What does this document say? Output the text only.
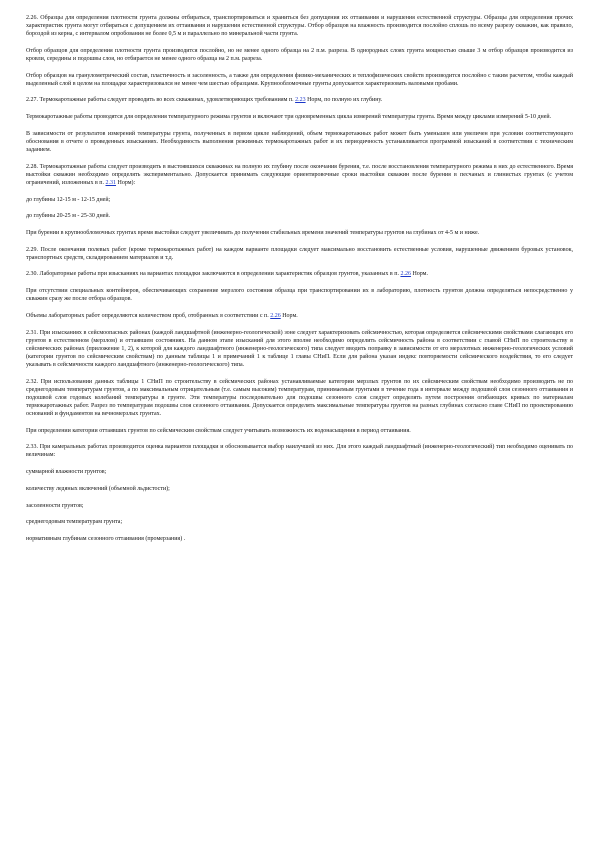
2.26. Образцы для определения плотности грунта должны отбираться, транспортироваться и храниться без допущения их оттаивания и нарушения естественной структуры. Образцы для определения прочих характеристик грунта могут отбираться с допущением их оттаивания и нарушения естественной структуры. Отбор образцов на влажность производится послойно сплошь по всему разрезу скважин, как правило, бороздой из керна, с интервалом опробования не более 0,5 м и параллельно по минеральной части грунта.

Отбор образцов для определения плотности грунта производится послойно, но не менее одного образца на 2 п.м. разреза. В однородных слоях грунта мощностью свыше 3 м отбор образцов производится из кровли, середины и подошвы слоя, но отбирается не менее одного образца на 2 п.м. разреза.

Отбор образцов на гранулометрический состав, пластичность и засоленность, а также для определения физико-механических и теплофизических свойств производится послойно с таким расчетом, чтобы каждый выделенный слой в целом на площадке характеризовался не менее чем шестью образцами. Крупнообломочные грунты допускается характеризовать валовыми пробами.

2.27. Термокаротажные работы следует проводить во всех скважинах, удовлетворяющих требованиям п. 2.23 Норм, по полную их глубину.

Термокаротажные работы проводятся для определения температурного режима грунтов и включают три одновременных цикла измерений температуры грунта. Время между циклами измерений 5-10 дней.

В зависимости от результатов измерений температуры грунта, полученных в первом цикле наблюдений, объем термокаротажных работ может быть уменьшен или увеличен при условии соответствующего обоснования в отчете о проведенных изысканиях. Необходимость выполнения режимных термокаротажных работ и их периодичность устанавливается программой изысканий в соответствии с техническим заданием.

2.28. Термокаротажные работы следует производить в выстоявшихся скважинах на полную их глубину после окончания бурения, т.е. после восстановления температурного режима в них до естественного. Время выстойки скважин необходимо определять экспериментально. Допускается принимать следующие ориентировочные сроки выстойки скважин после бурения в песчаных и глинистых грунтах (с учетом ограничений, изложенных в п. 2.31 Норм):

до глубины 12-15 м - 12-15 дней;

до глубины 20-25 м - 25-30 дней.

При бурении в крупнообломочных грунтах время выстойки следует увеличивать до получения стабильных времени значений температуры грунтов на глубинах от 4-5 м и ниже.

2.29. После окончания полевых работ (кроме термокаротажных работ) на каждом варианте площадки следует максимально восстановить естественные условия, нарушенные движением буровых установок, транспортных средств, складированием материалов и т.д.

2.30. Лабораторные работы при изысканиях на вариантах площадки заключаются в определении характеристик образцов грунтов, указанных в п. 2.26 Норм.

При отсутствии специальных контейнеров, обеспечивающих сохранение мерзлого состояния образца при транспортировании их в лабораторию, плотность грунтов должна определяться непосредственно у скважин сразу же после отбора образцов.

Объемы лабораторных работ определяются количеством проб, отобранных в соответствии с п. 2.26 Норм.

2.31. При изысканиях в сейсмоопасных районах (каждой ландшафтной (инженерно-геологической) зоне следует характеризовать сейсмичностью, которая определяется сейсмическими свойствами слагающих его грунтов в естественном (мерзлом) и оттаявшем состояниях. На данном этапе изысканий для этого вполне необходимо определить сейсмичность района в соответствии с главой СНиП по строительству в сейсмических районах (приложение 1, 2), к которой для каждого ландшафтного (инженерно-геологического) типа следует вводить поправку в зависимости от его мерзлотных инженерно-геологических условий (категории грунтов по сейсмическим свойствам) по данным таблицы 1 и примечаний 1 к таблице 1 главы СНиП. Если для района указан индекс повторяемости сейсмического воздействия, то его следует указывать в сейсмичности каждого ландшафтного (инженерно-геологического) типа.

2.32. При использовании данных таблицы 1 СНиП по строительству в сейсмических районах устанавливаемые категории мерзлых грунтов по их сейсмическим свойствам необходимо производить не по среднегодовым температурам грунтов, а по максимальным отрицательным (т.е. самым высоким) температурам, принимаемым грунтами в течение года в интервале между подошвой слоя сезонного оттаивания и подошвой слоя годовых колебаний температуры в грунте. Эти температуры последовательно для подошвы сезонного слоя следует определять путем построения огибающих кривых по материалам термокаротажных работ. Разрез по температурам подошвы слоя сезонного оттаивания. Допускается определять максимальные температуры грунтов на разных глубинах согласно главе СНиП по проектированию оснований и фундаментов на вечномерзлых грунтах.

При определении категории оттаявших грунтов по сейсмическим свойствам следует учитывать возможность их водонасыщения в период оттаивания.

2.33. При камеральных работах производится оценка вариантов площадки и обосновывается выбор наилучшей из них. Для этого каждый ландшафтный (инженерно-геологический) тип необходимо оценивать по величинам:

суммарной влажности грунтов;

количеству ледяных включений (объемной льдистости);

засоленности грунтов;

среднегодовым температурам грунта;

нормативным глубинам сезонного оттаивания (промерзания) .
